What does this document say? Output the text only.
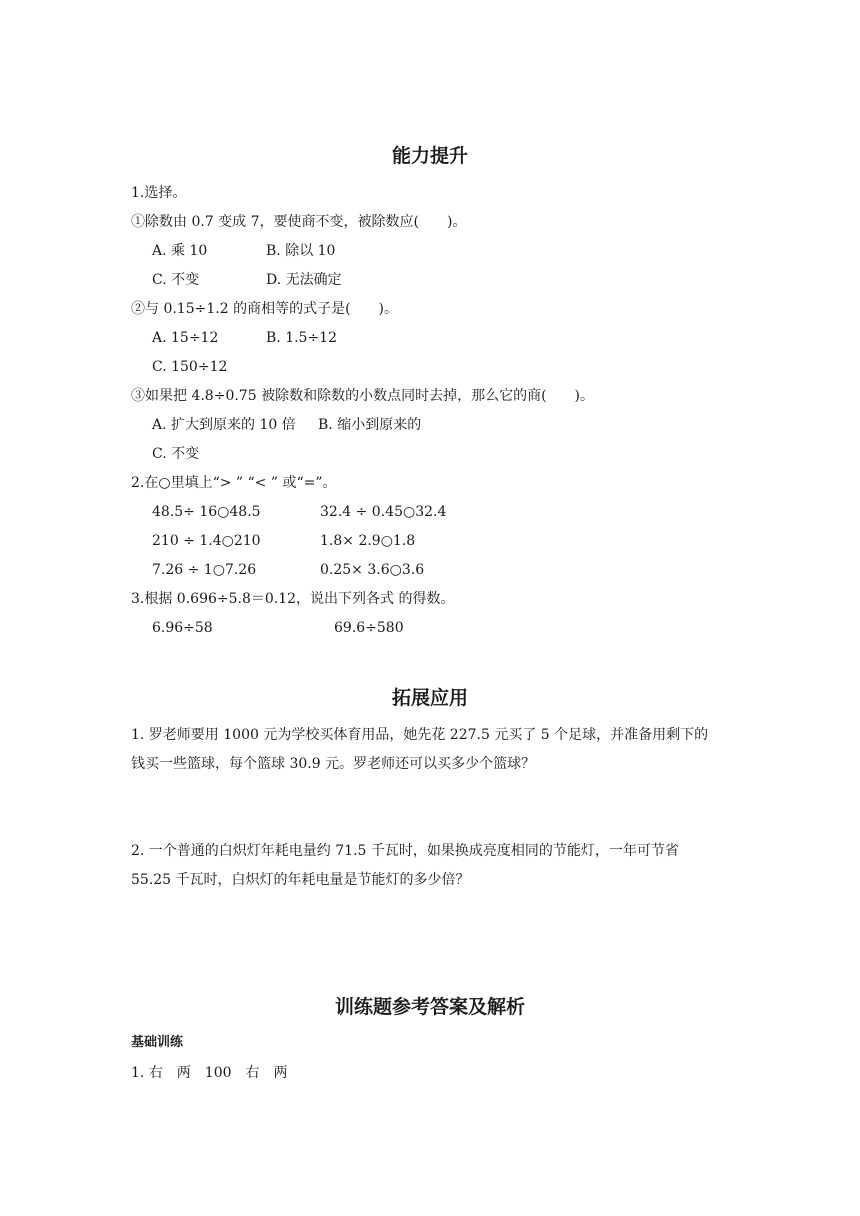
能力提升
1.选择。
①除数由 0.7 变成 7，要使商不变，被除数应(　　)。
A. 乘 10	B. 除以 10
C. 不变	D. 无法确定
②与 0.15÷1.2 的商相等的式子是(　　)。
A. 15÷12	B. 1.5÷12
C. 150÷12
③如果把 4.8÷0.75 被除数和除数的小数点同时去掉，那么它的商(　　)。
A. 扩大到原来的 10 倍 B. 缩小到原来的
C. 不变
2.在○里填上“> ” “< ” 或“=”。
48.5÷ 16○48.5	32.4 ÷ 0.45○32.4
210 ÷ 1.4○210	1.8× 2.9○1.8
7.26 ÷ 1○7.26	0.25× 3.6○3.6
3.根据 0.696÷5.8＝0.12，说出下列各式 的得数。
6.96÷58	69.6÷580
拓展应用
1. 罗老师要用 1000 元为学校买体育用品，她先花 227.5 元买了 5 个足球，并准备用剩下的
钱买一些篮球，每个篮球 30.9 元。罗老师还可以买多少个篮球？
2. 一个普通的白炽灯年耗电量约 71.5 千瓦时，如果换成亮度相同的节能灯，一年可节省
55.25 千瓦时，白炽灯的年耗电量是节能灯的多少倍？
训练题参考答案及解析
基础训练
1. 右　两　100　右　两
